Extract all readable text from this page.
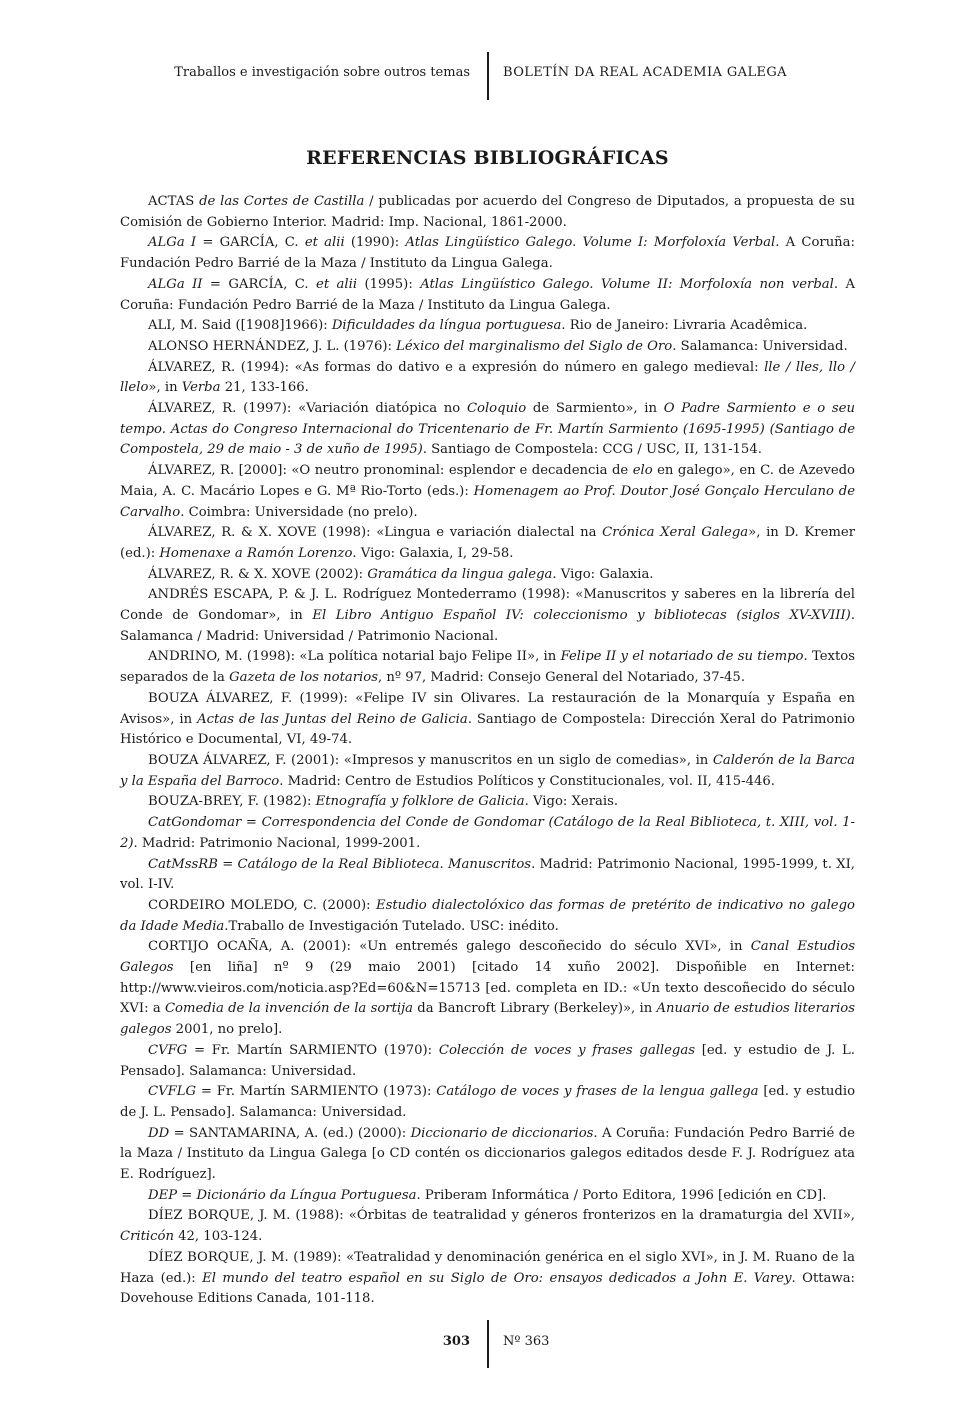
Traballos e investigación sobre outros temas	BOLETÍN DA REAL ACADEMIA GALEGA
REFERENCIAS BIBLIOGRÁFICAS

ACTAS de las Cortes de Castilla / publicadas por acuerdo del Congreso de Diputados, a propuesta de su Comisión de Gobierno Interior. Madrid: Imp. Nacional, 1861-2000.

ALGa I = GARCÍA, C. et alii (1990): Atlas Lingüístico Galego. Volume I: Morfoloxía Verbal. A Coruña: Fundación Pedro Barrié de la Maza / Instituto da Lingua Galega.

ALGa II = GARCÍA, C. et alii (1995): Atlas Lingüístico Galego. Volume II: Morfoloxía non verbal. A Coruña: Fundación Pedro Barrié de la Maza / Instituto da Lingua Galega.

ALI, M. Said ([1908]1966): Dificuldades da língua portuguesa. Rio de Janeiro: Livraria Acadêmica.

ALONSO HERNÁNDEZ, J. L. (1976): Léxico del marginalismo del Siglo de Oro. Salamanca: Universidad.

ÁLVAREZ, R. (1994): «As formas do dativo e a expresión do número en galego medieval: lle / lles, llo / llelo», in Verba 21, 133-166.

ÁLVAREZ, R. (1997): «Variación diatópica no Coloquio de Sarmiento», in O Padre Sarmiento e o seu tempo. Actas do Congreso Internacional do Tricentenario de Fr. Martín Sarmiento (1695-1995) (Santiago de Compostela, 29 de maio - 3 de xuño de 1995). Santiago de Compostela: CCG / USC, II, 131-154.

ÁLVAREZ, R. [2000]: «O neutro pronominal: esplendor e decadencia de elo en galego», en C. de Azevedo Maia, A. C. Macário Lopes e G. Mª Rio-Torto (eds.): Homenagem ao Prof. Doutor José Gonçalo Herculano de Carvalho. Coimbra: Universidade (no prelo).

ÁLVAREZ, R. & X. XOVE (1998): «Lingua e variación dialectal na Crónica Xeral Galega», in D. Kremer (ed.): Homenaxe a Ramón Lorenzo. Vigo: Galaxia, I, 29-58.

ÁLVAREZ, R. & X. XOVE (2002): Gramática da lingua galega. Vigo: Galaxia.

ANDRÉS ESCAPA, P. & J. L. Rodríguez Montederramo (1998): «Manuscritos y saberes en la librería del Conde de Gondomar», in El Libro Antiguo Español IV: coleccionismo y bibliotecas (siglos XV-XVIII). Salamanca / Madrid: Universidad / Patrimonio Nacional.

ANDRINO, M. (1998): «La política notarial bajo Felipe II», in Felipe II y el notariado de su tiempo. Textos separados de la Gazeta de los notarios, nº 97, Madrid: Consejo General del Notariado, 37-45.

BOUZA ÁLVAREZ, F. (1999): «Felipe IV sin Olivares. La restauración de la Monarquía y España en Avisos», in Actas de las Juntas del Reino de Galicia. Santiago de Compostela: Dirección Xeral do Patrimonio Histórico e Documental, VI, 49-74.

BOUZA ÁLVAREZ, F. (2001): «Impresos y manuscritos en un siglo de comedias», in Calderón de la Barca y la España del Barroco. Madrid: Centro de Estudios Políticos y Constitucionales, vol. II, 415-446.

BOUZA-BREY, F. (1982): Etnografía y folklore de Galicia. Vigo: Xerais.

CatGondomar = Correspondencia del Conde de Gondomar (Catálogo de la Real Biblioteca, t. XIII, vol. 1-2). Madrid: Patrimonio Nacional, 1999-2001.

CatMssRB = Catálogo de la Real Biblioteca. Manuscritos. Madrid: Patrimonio Nacional, 1995-1999, t. XI, vol. I-IV.

CORDEIRO MOLEDO, C. (2000): Estudio dialectolóxico das formas de pretérito de indicativo no galego da Idade Media.Traballo de Investigación Tutelado. USC: inédito.

CORTIJO OCAÑA, A. (2001): «Un entremés galego descoñecido do século XVI», in Canal Estudios Galegos [en liña] nº 9 (29 maio 2001) [citado 14 xuño 2002]. Dispoñible en Internet: http://www.vieiros.com/noticia.asp?Ed=60&N=15713 [ed. completa en ID.: «Un texto descoñecido do século XVI: a Comedia de la invención de la sortija da Bancroft Library (Berkeley)», in Anuario de estudios literarios galegos 2001, no prelo].

CVFG = Fr. Martín SARMIENTO (1970): Colección de voces y frases gallegas [ed. y estudio de J. L. Pensado]. Salamanca: Universidad.

CVFLG = Fr. Martín SARMIENTO (1973): Catálogo de voces y frases de la lengua gallega [ed. y estudio de J. L. Pensado]. Salamanca: Universidad.

DD = SANTAMARINA, A. (ed.) (2000): Diccionario de diccionarios. A Coruña: Fundación Pedro Barrié de la Maza / Instituto da Lingua Galega [o CD contén os diccionarios galegos editados desde F. J. Rodríguez ata E. Rodríguez].

DEP = Dicionário da Língua Portuguesa. Priberam Informática / Porto Editora, 1996 [edición en CD].

DÍEZ BORQUE, J. M. (1988): «Órbitas de teatralidad y géneros fronterizos en la dramaturgia del XVII», Criticón 42, 103-124.

DÍEZ BORQUE, J. M. (1989): «Teatralidad y denominación genérica en el siglo XVI», in J. M. Ruano de la Haza (ed.): El mundo del teatro español en su Siglo de Oro: ensayos dedicados a John E. Varey. Ottawa: Dovehouse Editions Canada, 101-118.

303	Nº 363
